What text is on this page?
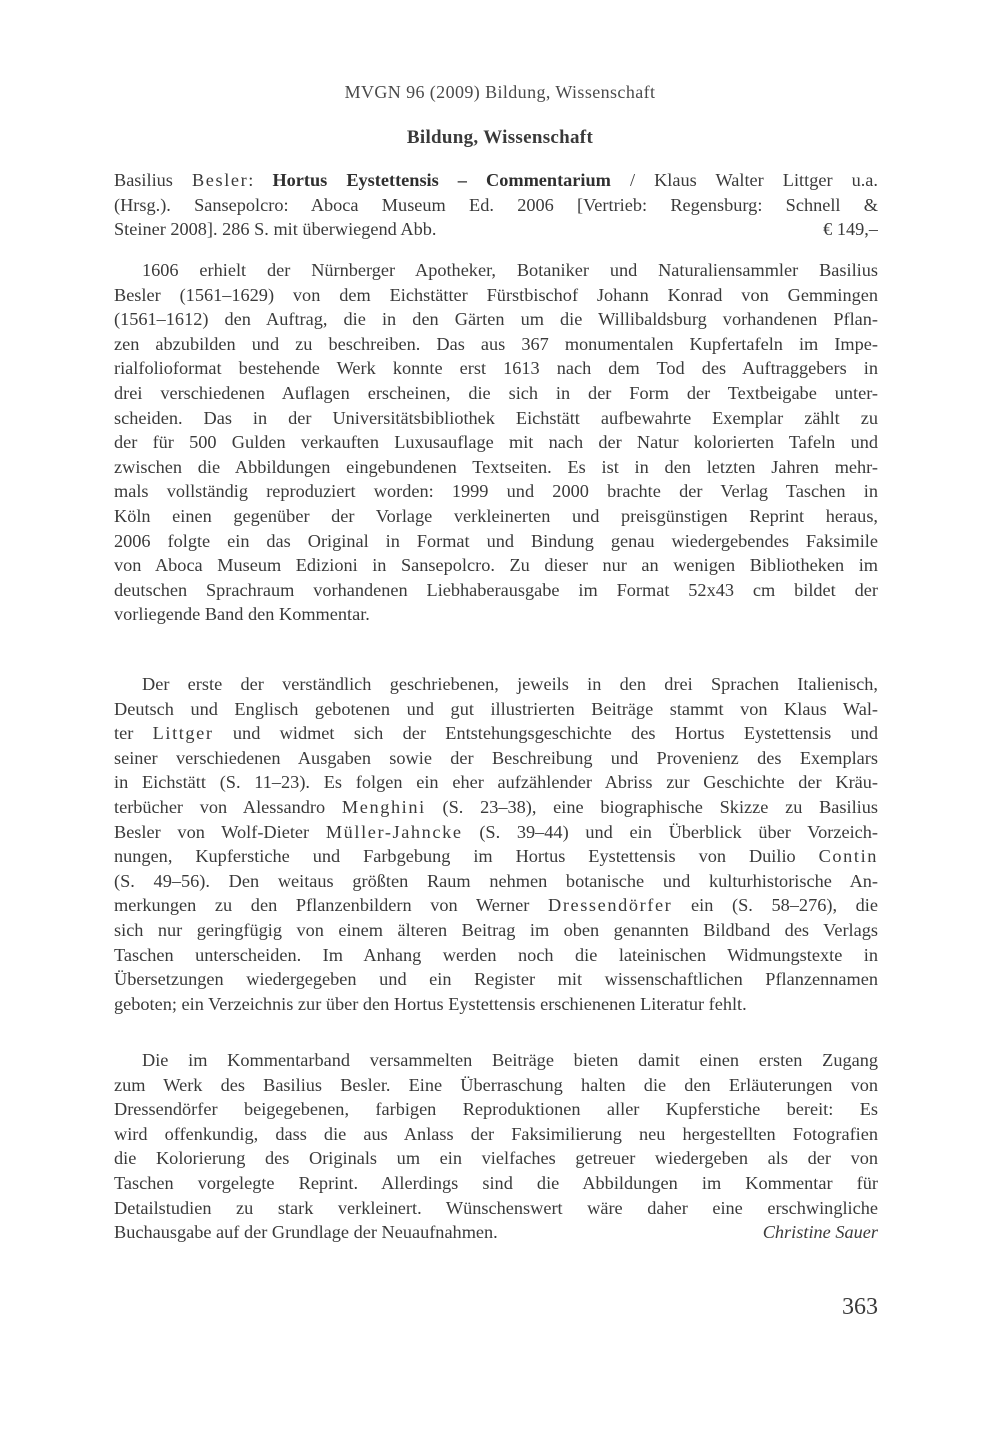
MVGN 96 (2009) Bildung, Wissenschaft
Bildung, Wissenschaft
Basilius Besler: Hortus Eystettensis – Commentarium / Klaus Walter Littger u.a.
(Hrsg.). Sansepolcro: Aboca Museum Ed. 2006 [Vertrieb: Regensburg: Schnell &
Steiner 2008]. 286 S. mit überwiegend Abb.	€ 149,–
1606 erhielt der Nürnberger Apotheker, Botaniker und Naturaliensammler Basilius
Besler (1561–1629) von dem Eichstätter Fürstbischof Johann Konrad von Gemmingen
(1561–1612) den Auftrag, die in den Gärten um die Willibaldsburg vorhandenen Pflan-
zen abzubilden und zu beschreiben. Das aus 367 monumentalen Kupfertafeln im Impe-
rialfolioformat bestehende Werk konnte erst 1613 nach dem Tod des Auftraggebers in
drei verschiedenen Auflagen erscheinen, die sich in der Form der Textbeigabe unter-
scheiden. Das in der Universitätsbibliothek Eichstätt aufbewahrte Exemplar zählt zu
der für 500 Gulden verkauften Luxusauflage mit nach der Natur kolorierten Tafeln und
zwischen die Abbildungen eingebundenen Textseiten. Es ist in den letzten Jahren mehr-
mals vollständig reproduziert worden: 1999 und 2000 brachte der Verlag Taschen in
Köln einen gegenüber der Vorlage verkleinerten und preisgünstigen Reprint heraus,
2006 folgte ein das Original in Format und Bindung genau wiedergebendes Faksimile
von Aboca Museum Edizioni in Sansepolcro. Zu dieser nur an wenigen Bibliotheken im
deutschen Sprachraum vorhandenen Liebhaberausgabe im Format 52x43 cm bildet der
vorliegende Band den Kommentar.
Der erste der verständlich geschriebenen, jeweils in den drei Sprachen Italienisch,
Deutsch und Englisch gebotenen und gut illustrierten Beiträge stammt von Klaus Wal-
ter Littger und widmet sich der Entstehungsgeschichte des Hortus Eystettensis und
seiner verschiedenen Ausgaben sowie der Beschreibung und Provenienz des Exemplars
in Eichstätt (S. 11–23). Es folgen ein eher aufzählender Abriss zur Geschichte der Kräu-
terbücher von Alessandro Menghini (S. 23–38), eine biographische Skizze zu Basilius
Besler von Wolf-Dieter Müller-Jahncke (S. 39–44) und ein Überblick über Vorzeich-
nungen, Kupferstiche und Farbgebung im Hortus Eystettensis von Duilio Contin
(S. 49–56). Den weitaus größten Raum nehmen botanische und kulturhistorische An-
merkungen zu den Pflanzenbildern von Werner Dressendörfer ein (S. 58–276), die
sich nur geringfügig von einem älteren Beitrag im oben genannten Bildband des Verlags
Taschen unterscheiden. Im Anhang werden noch die lateinischen Widmungstexte in
Übersetzungen wiedergegeben und ein Register mit wissenschaftlichen Pflanzennamen
geboten; ein Verzeichnis zur über den Hortus Eystettensis erschienenen Literatur fehlt.
Die im Kommentarband versammelten Beiträge bieten damit einen ersten Zugang
zum Werk des Basilius Besler. Eine Überraschung halten die den Erläuterungen von
Dressendörfer beigegebenen, farbigen Reproduktionen aller Kupferstiche bereit: Es
wird offenkundig, dass die aus Anlass der Faksimilierung neu hergestellten Fotografien
die Kolorierung des Originals um ein vielfaches getreuer wiedergeben als der von
Taschen vorgelegte Reprint. Allerdings sind die Abbildungen im Kommentar für
Detailstudien zu stark verkleinert. Wünschenswert wäre daher eine erschwingliche
Buchausgabe auf der Grundlage der Neuaufnahmen.	Christine Sauer
363
